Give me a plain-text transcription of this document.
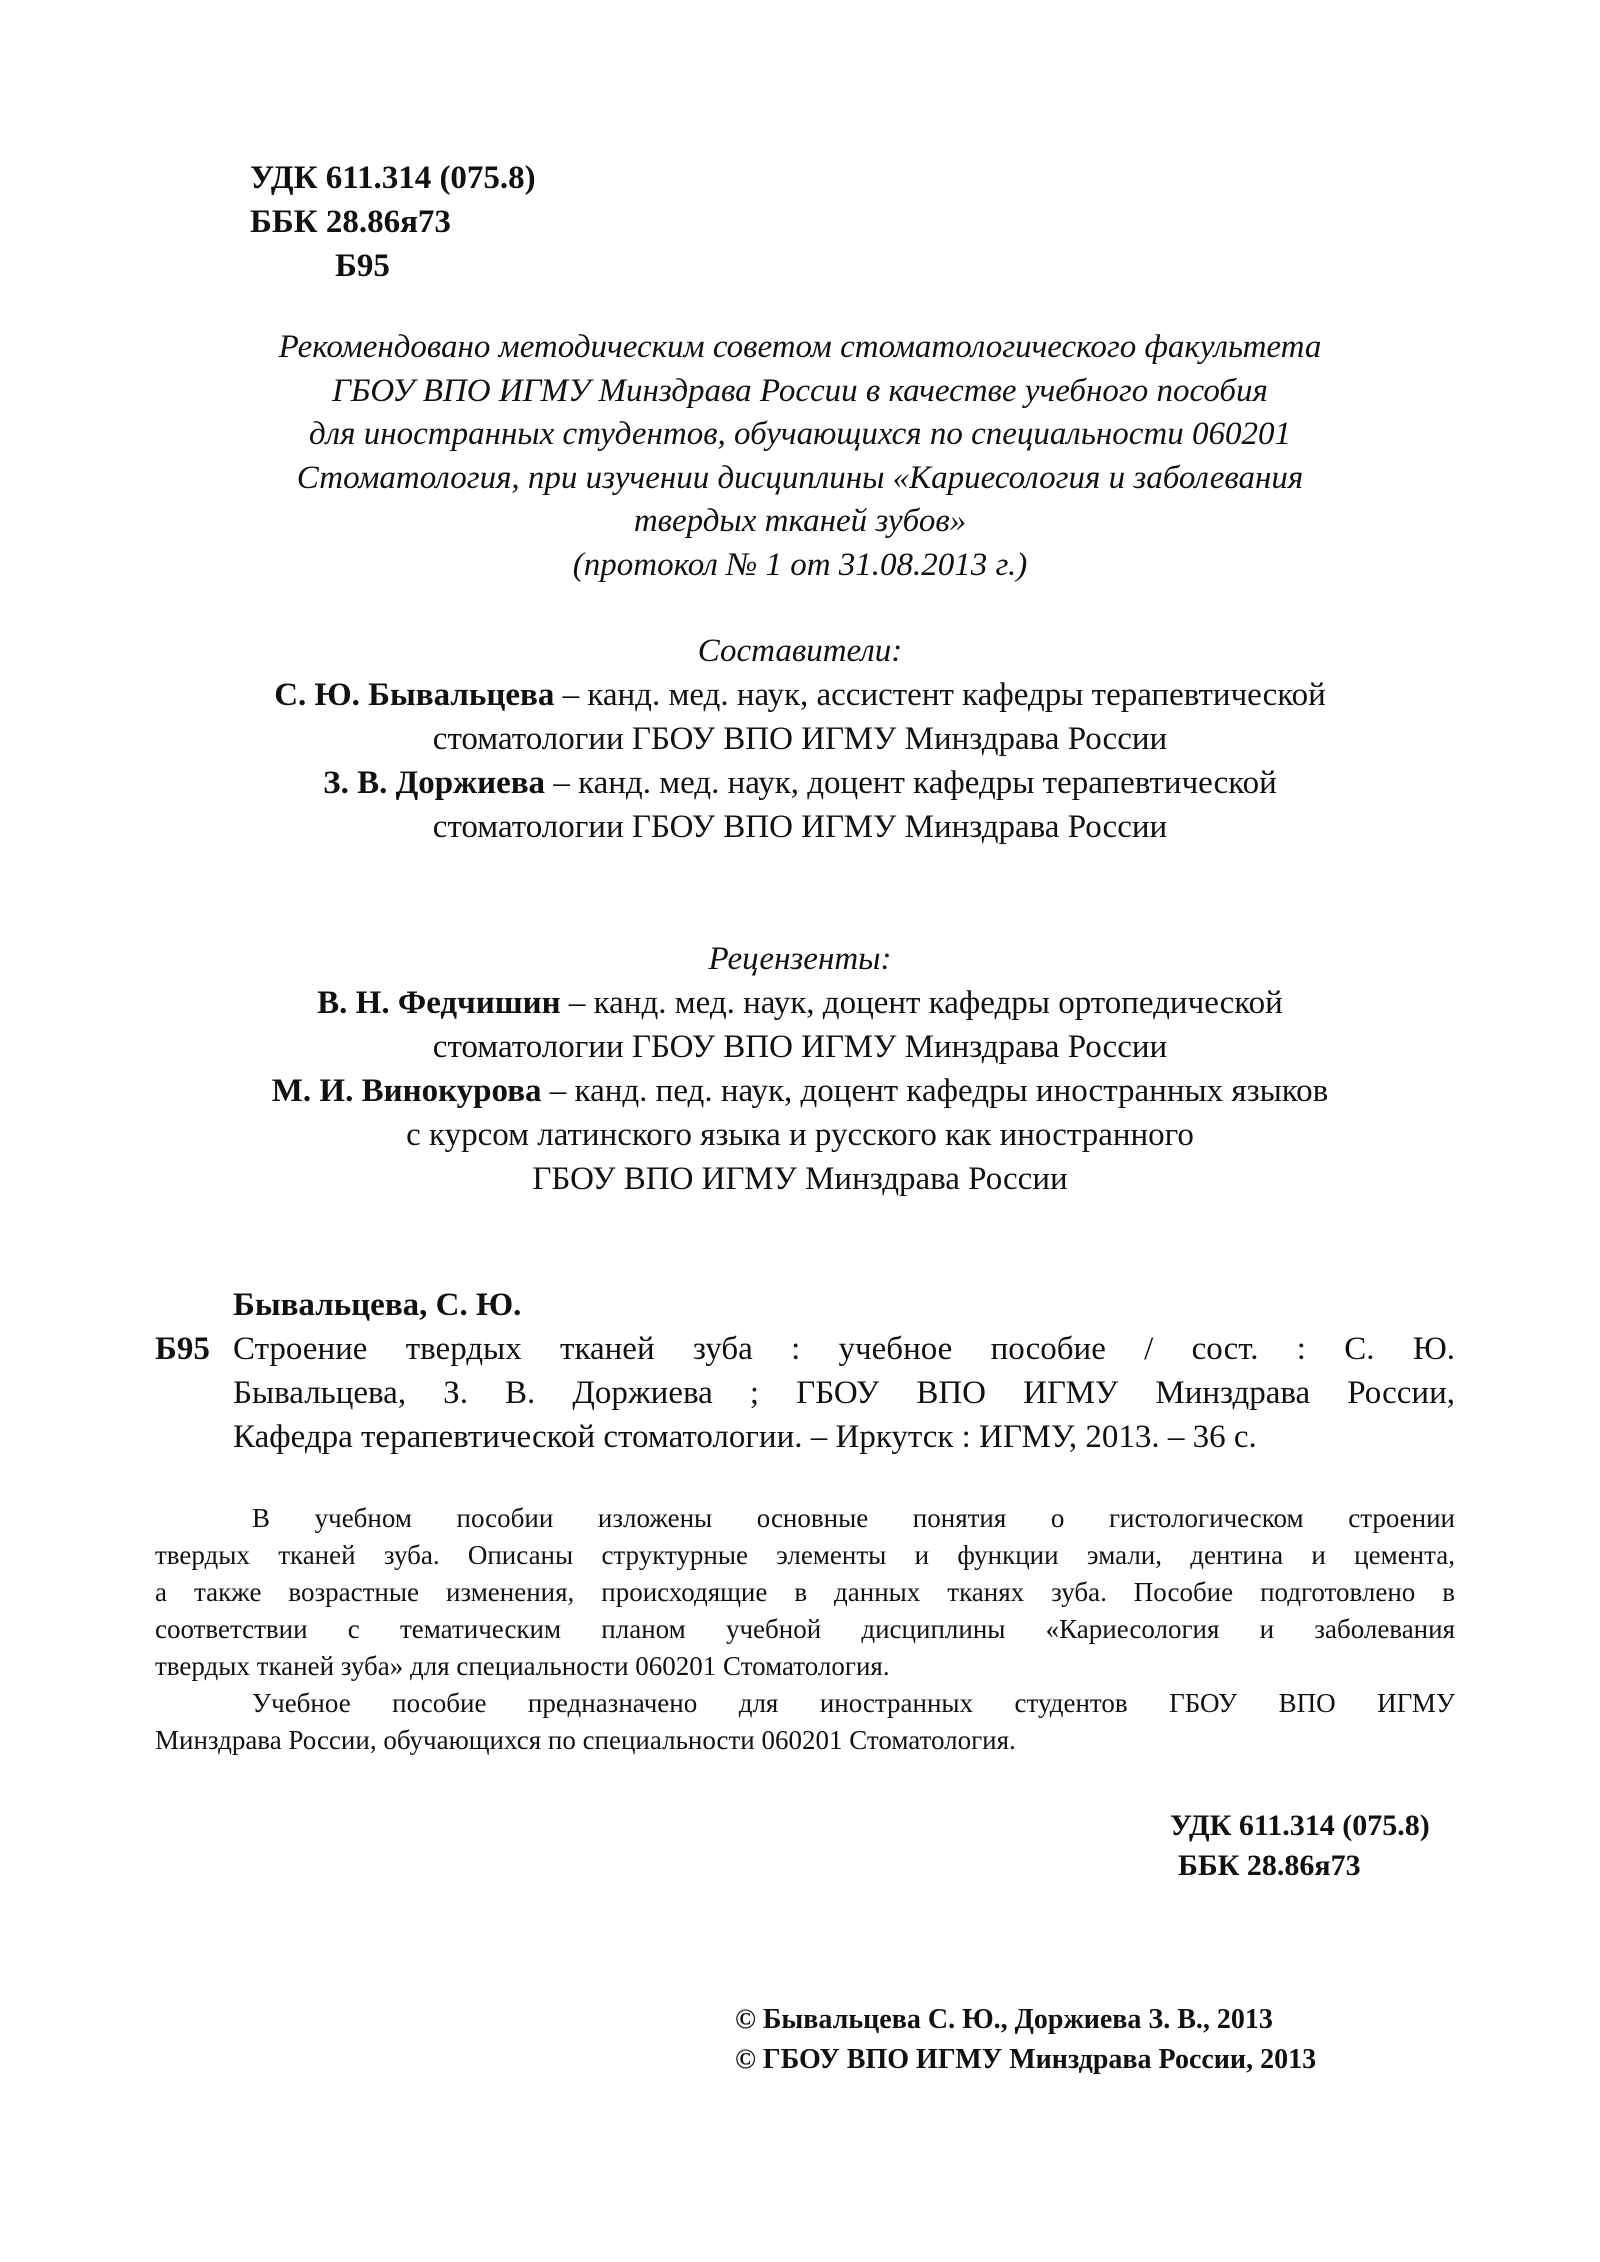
УДК 611.314 (075.8)
ББК 28.86я73
Б95
Рекомендовано методическим советом стоматологического факультета
ГБОУ ВПО ИГМУ Минздрава России в качестве учебного пособия
для иностранных студентов, обучающихся по специальности 060201
Стоматология, при изучении дисциплины «Кариесология и заболевания
твердых тканей зубов»
(протокол № 1 от 31.08.2013 г.)
Составители:
С. Ю. Бывальцева – канд. мед. наук, ассистент кафедры терапевтической
стоматологии ГБОУ ВПО ИГМУ Минздрава России
З. В. Доржиева – канд. мед. наук, доцент кафедры терапевтической
стоматологии ГБОУ ВПО ИГМУ Минздрава России
Рецензенты:
В. Н. Федчишин – канд. мед. наук, доцент кафедры ортопедической
стоматологии ГБОУ ВПО ИГМУ Минздрава России
М. И. Винокурова – канд. пед. наук, доцент кафедры иностранных языков
с курсом латинского языка и русского как иностранного
ГБОУ ВПО ИГМУ Минздрава России
Бывальцева, С. Ю.
Б95 Строение твердых тканей зуба : учебное пособие / сост. : С. Ю.
Бывальцева, З. В. Доржиева ; ГБОУ ВПО ИГМУ Минздрава России,
Кафедра терапевтической стоматологии. – Иркутск : ИГМУ, 2013. – 36 с.
В учебном пособии изложены основные понятия о гистологическом строении
твердых тканей зуба. Описаны структурные элементы и функции эмали, дентина и цемента,
а также возрастные изменения, происходящие в данных тканях зуба. Пособие подготовлено в
соответствии с тематическим планом учебной дисциплины «Кариесология и заболевания
твердых тканей зуба» для специальности 060201 Стоматология.
Учебное пособие предназначено для иностранных студентов ГБОУ ВПО ИГМУ
Минздрава России, обучающихся по специальности 060201 Стоматология.
УДК 611.314 (075.8)
ББК 28.86я73
© Бывальцева С. Ю., Доржиева З. В., 2013
© ГБОУ ВПО ИГМУ Минздрава России, 2013
